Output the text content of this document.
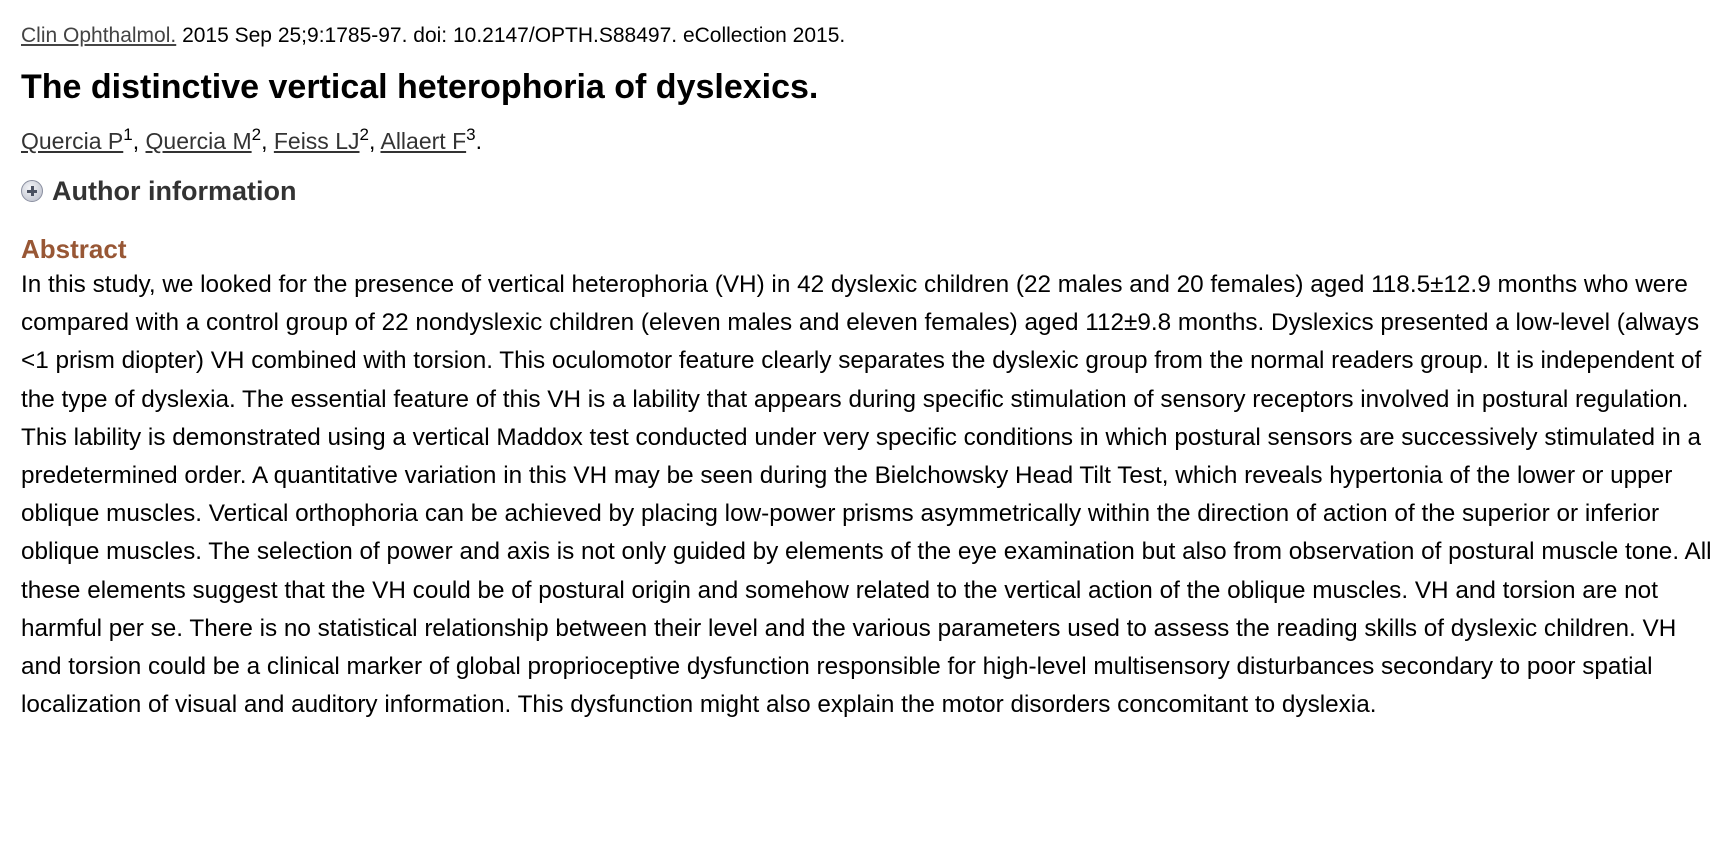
Clin Ophthalmol. 2015 Sep 25;9:1785-97. doi: 10.2147/OPTH.S88497. eCollection 2015.
The distinctive vertical heterophoria of dyslexics.
Quercia $P^1$, Quercia $M^2$, Feiss $LJ^2$, Allaert $F^3$.
Author information
Abstract
In this study, we looked for the presence of vertical heterophoria (VH) in 42 dyslexic children (22 males and 20 females) aged 118.5±12.9 months who were compared with a control group of 22 nondyslexic children (eleven males and eleven females) aged 112±9.8 months. Dyslexics presented a low-level (always <1 prism diopter) VH combined with torsion. This oculomotor feature clearly separates the dyslexic group from the normal readers group. It is independent of the type of dyslexia. The essential feature of this VH is a lability that appears during specific stimulation of sensory receptors involved in postural regulation. This lability is demonstrated using a vertical Maddox test conducted under very specific conditions in which postural sensors are successively stimulated in a predetermined order. A quantitative variation in this VH may be seen during the Bielchowsky Head Tilt Test, which reveals hypertonia of the lower or upper oblique muscles. Vertical orthophoria can be achieved by placing low-power prisms asymmetrically within the direction of action of the superior or inferior oblique muscles. The selection of power and axis is not only guided by elements of the eye examination but also from observation of postural muscle tone. All these elements suggest that the VH could be of postural origin and somehow related to the vertical action of the oblique muscles. VH and torsion are not harmful per se. There is no statistical relationship between their level and the various parameters used to assess the reading skills of dyslexic children. VH and torsion could be a clinical marker of global proprioceptive dysfunction responsible for high-level multisensory disturbances secondary to poor spatial localization of visual and auditory information. This dysfunction might also explain the motor disorders concomitant to dyslexia.
